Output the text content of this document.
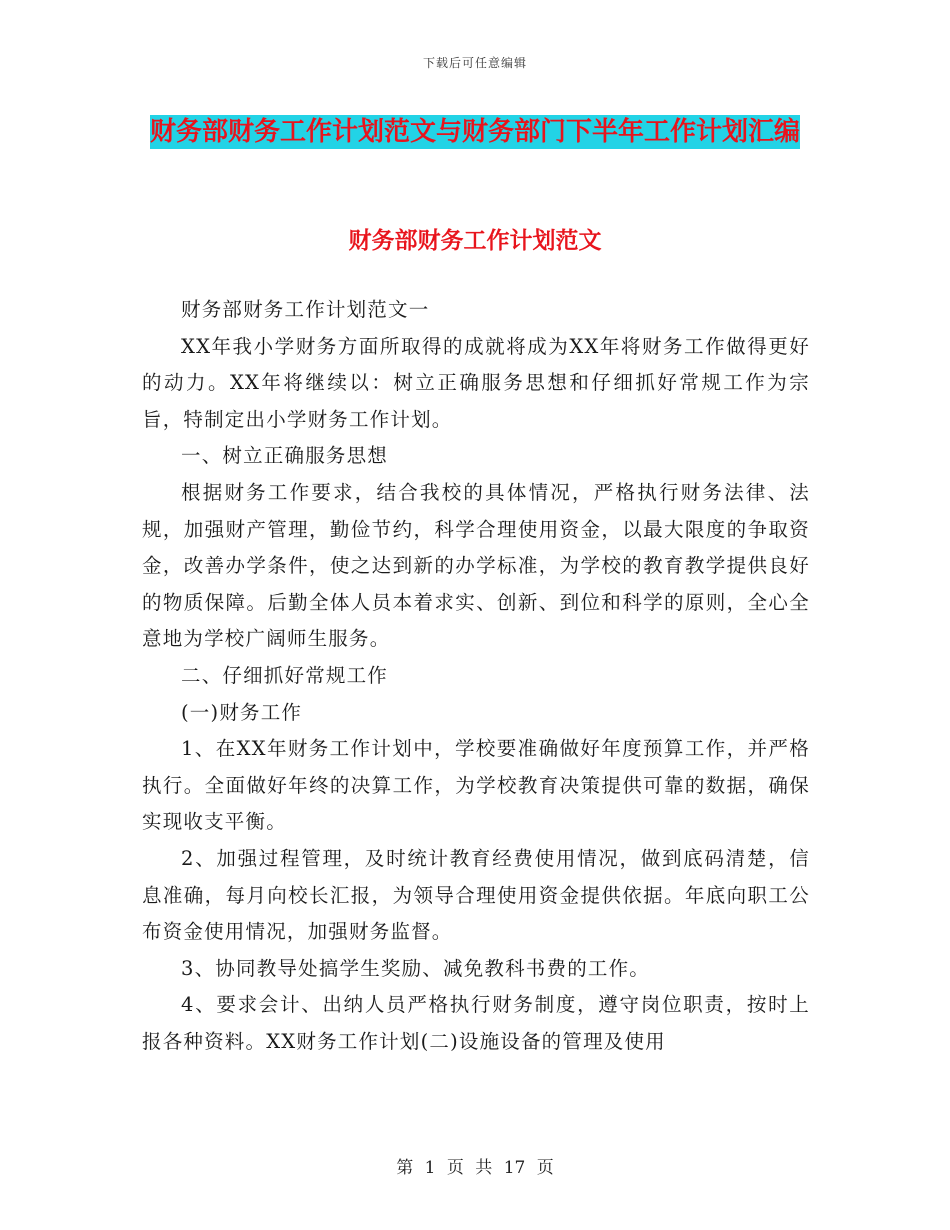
下载后可任意编辑
财务部财务工作计划范文与财务部门下半年工作计划汇编
财务部财务工作计划范文

财务部财务工作计划范文一

XX年我小学财务方面所取得的成就将成为XX年将财务工作做得更好的动力。XX年将继续以：树立正确服务思想和仔细抓好常规工作为宗旨，特制定出小学财务工作计划。

一、树立正确服务思想

根据财务工作要求，结合我校的具体情况，严格执行财务法律、法规，加强财产管理，勤俭节约，科学合理使用资金，以最大限度的争取资金，改善办学条件，使之达到新的办学标准，为学校的教育教学提供良好的物质保障。后勤全体人员本着求实、创新、到位和科学的原则，全心全意地为学校广阔师生服务。

二、仔细抓好常规工作

(一)财务工作

1、在XX年财务工作计划中，学校要准确做好年度预算工作，并严格执行。全面做好年终的决算工作，为学校教育决策提供可靠的数据，确保实现收支平衡。

2、加强过程管理，及时统计教育经费使用情况，做到底码清楚，信息准确，每月向校长汇报，为领导合理使用资金提供依据。年底向职工公布资金使用情况，加强财务监督。

3、协同教导处搞学生奖励、减免教科书费的工作。

4、要求会计、出纳人员严格执行财务制度，遵守岗位职责，按时上报各种资料。XX财务工作计划(二)设施设备的管理及使用

第 1 页 共 17 页
